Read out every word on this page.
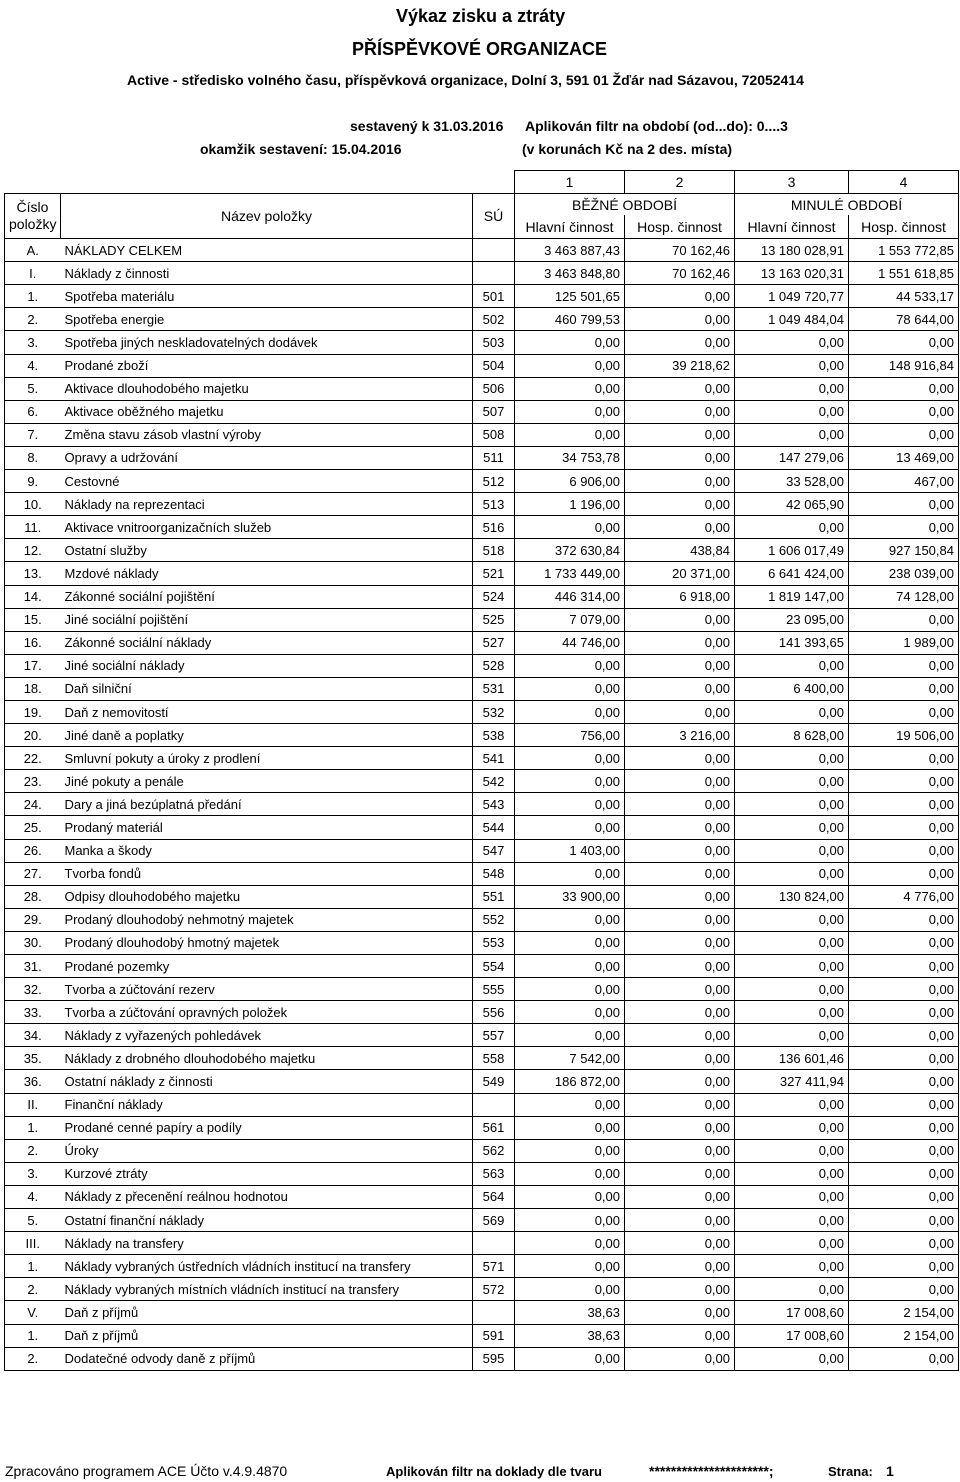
Výkaz zisku a ztráty
PŘÍSPĚVKOVÉ ORGANIZACE
Active - středisko volného času, příspěvková organizace, Dolní 3, 591 01 Žďár nad Sázavou, 72052414
sestavený k 31.03.2016 Aplikován filtr na období (od...do): 0....3
okamžik sestavení: 15.04.2016	(v korunách Kč na 2 des. místa)
			1	2	3	4
Číslo položky	Název položky	SÚ	BĚŽNÉ OBDOBÍ		MINULÉ OBDOBÍ	
			Hlavní činnost	Hosp. činnost	Hlavní činnost	Hosp. činnost
A.	NÁKLADY CELKEM		3 463 887,43	70 162,46	13 180 028,91	1 553 772,85
I.	Náklady z činnosti		3 463 848,80	70 162,46	13 163 020,31	1 551 618,85
1.	Spotřeba materiálu	501	125 501,65	0,00	1 049 720,77	44 533,17
2.	Spotřeba energie	502	460 799,53	0,00	1 049 484,04	78 644,00
3.	Spotřeba jiných neskladovatelných dodávek	503	0,00	0,00	0,00	0,00
4.	Prodané zboží	504	0,00	39 218,62	0,00	148 916,84
5.	Aktivace dlouhodobého majetku	506	0,00	0,00	0,00	0,00
6.	Aktivace oběžného majetku	507	0,00	0,00	0,00	0,00
7.	Změna stavu zásob vlastní výroby	508	0,00	0,00	0,00	0,00
8.	Opravy a udržování	511	34 753,78	0,00	147 279,06	13 469,00
9.	Cestovné	512	6 906,00	0,00	33 528,00	467,00
10.	Náklady na reprezentaci	513	1 196,00	0,00	42 065,90	0,00
11.	Aktivace vnitroorganizačních služeb	516	0,00	0,00	0,00	0,00
12.	Ostatní služby	518	372 630,84	438,84	1 606 017,49	927 150,84
13.	Mzdové náklady	521	1 733 449,00	20 371,00	6 641 424,00	238 039,00
14.	Zákonné sociální pojištění	524	446 314,00	6 918,00	1 819 147,00	74 128,00
15.	Jiné sociální pojištění	525	7 079,00	0,00	23 095,00	0,00
16.	Zákonné sociální náklady	527	44 746,00	0,00	141 393,65	1 989,00
17.	Jiné sociální náklady	528	0,00	0,00	0,00	0,00
18.	Daň silniční	531	0,00	0,00	6 400,00	0,00
19.	Daň z nemovitostí	532	0,00	0,00	0,00	0,00
20.	Jiné daně a poplatky	538	756,00	3 216,00	8 628,00	19 506,00
22.	Smluvní pokuty a úroky z prodlení	541	0,00	0,00	0,00	0,00
23.	Jiné pokuty a penále	542	0,00	0,00	0,00	0,00
24.	Dary a jiná bezúplatná předání	543	0,00	0,00	0,00	0,00
25.	Prodaný materiál	544	0,00	0,00	0,00	0,00
26.	Manka a škody	547	1 403,00	0,00	0,00	0,00
27.	Tvorba fondů	548	0,00	0,00	0,00	0,00
28.	Odpisy dlouhodobého majetku	551	33 900,00	0,00	130 824,00	4 776,00
29.	Prodaný dlouhodobý nehmotný majetek	552	0,00	0,00	0,00	0,00
30.	Prodaný dlouhodobý hmotný majetek	553	0,00	0,00	0,00	0,00
31.	Prodané pozemky	554	0,00	0,00	0,00	0,00
32.	Tvorba a zúčtování rezerv	555	0,00	0,00	0,00	0,00
33.	Tvorba a zúčtování opravných položek	556	0,00	0,00	0,00	0,00
34.	Náklady z vyřazených pohledávek	557	0,00	0,00	0,00	0,00
35.	Náklady z drobného dlouhodobého majetku	558	7 542,00	0,00	136 601,46	0,00
36.	Ostatní náklady z činnosti	549	186 872,00	0,00	327 411,94	0,00
II.	Finanční náklady		0,00	0,00	0,00	0,00
1.	Prodané cenné papíry a podíly	561	0,00	0,00	0,00	0,00
2.	Úroky	562	0,00	0,00	0,00	0,00
3.	Kurzové ztráty	563	0,00	0,00	0,00	0,00
4.	Náklady z přecenění reálnou hodnotou	564	0,00	0,00	0,00	0,00
5.	Ostatní finanční náklady	569	0,00	0,00	0,00	0,00
III.	Náklady na transfery		0,00	0,00	0,00	0,00
1.	Náklady vybraných ústředních vládních institucí na transfery	571	0,00	0,00	0,00	0,00
2.	Náklady vybraných místních vládních institucí na transfery	572	0,00	0,00	0,00	0,00
V.	Daň z příjmů		38,63	0,00	17 008,60	2 154,00
1.	Daň z příjmů	591	38,63	0,00	17 008,60	2 154,00
2.	Dodatečné odvody daně z příjmů	595	0,00	0,00	0,00	0,00
Zpracováno programem ACE Účto v.4.9.4870	Aplikován filtr na doklady dle tvaru	**********************;	Strana: 1
